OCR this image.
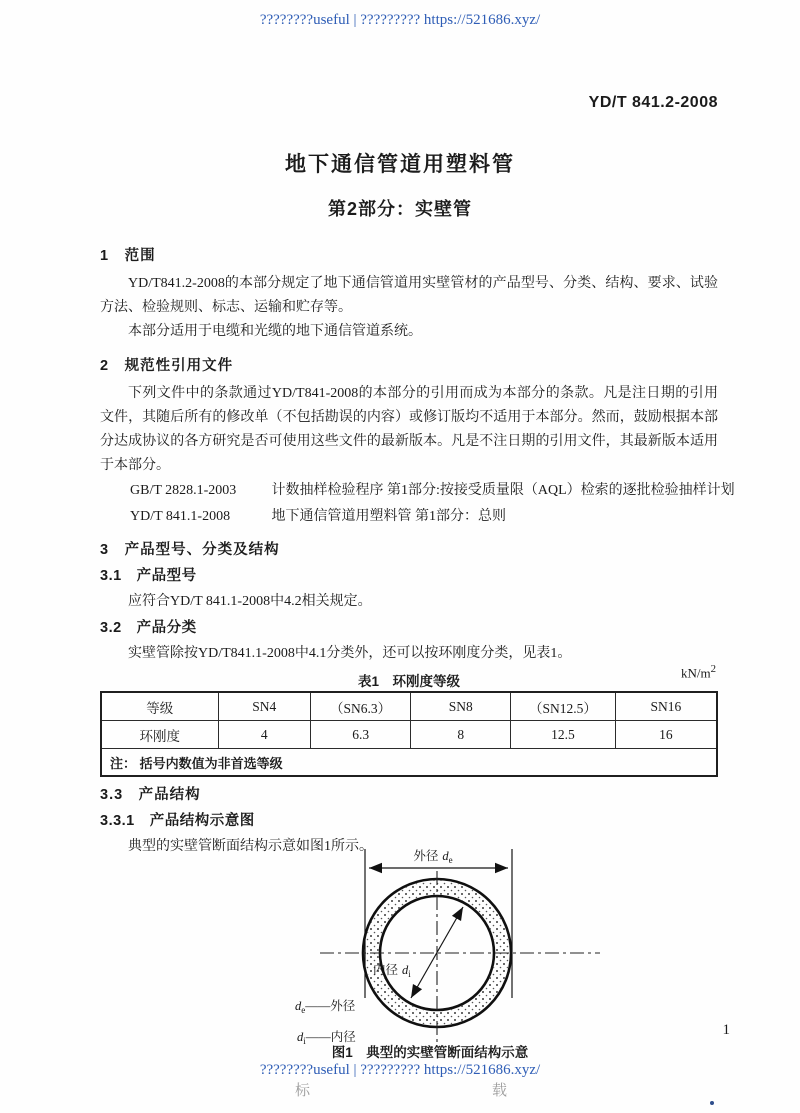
????????useful | ????????? https://521686.xyz/
YD/T 841.2-2008
地下通信管道用塑料管
第2部分：实壁管
1　范围

YD/T841.2-2008的本部分规定了地下通信管道用实壁管材的产品型号、分类、结构、要求、试验方法、检验规则、标志、运输和贮存等。

本部分适用于电缆和光缆的地下通信管道系统。

2　规范性引用文件

下列文件中的条款通过YD/T841-2008的本部分的引用而成为本部分的条款。凡是注日期的引用文件，其随后所有的修改单（不包括勘误的内容）或修订版均不适用于本部分。然而，鼓励根据本部分达成协议的各方研究是否可使用这些文件的最新版本。凡是不注日期的引用文件，其最新版本适用于本部分。

GB/T 2828.1-2003	计数抽样检验程序 第1部分:按接受质量限（AQL）检索的逐批检验抽样计划
YD/T 841.1-2008	地下通信管道用塑料管 第1部分：总则
3　产品型号、分类及结构
3.1　产品型号

应符合YD/T 841.1-2008中4.2相关规定。

3.2　产品分类

实壁管除按YD/T841.1-2008中4.1分类外，还可以按环刚度分类，见表1。

表1　环刚度等级
$kN/m^2$
等级	SN4	（SN6.3）	SN8	（SN12.5）	SN16
环刚度	4	6.3	8	12.5	16
注： 括号内数值为非首选等级					
3.3　产品结构
3.3.1　产品结构示意图

典型的实壁管断面结构示意如图1所示。

外径 $d_e$
内径 $d_i$
$d_e——$外径
$d_i——$内径
图1　典型的实壁管断面结构示意
1
????????useful | ????????? https://521686.xyz/
标	载
